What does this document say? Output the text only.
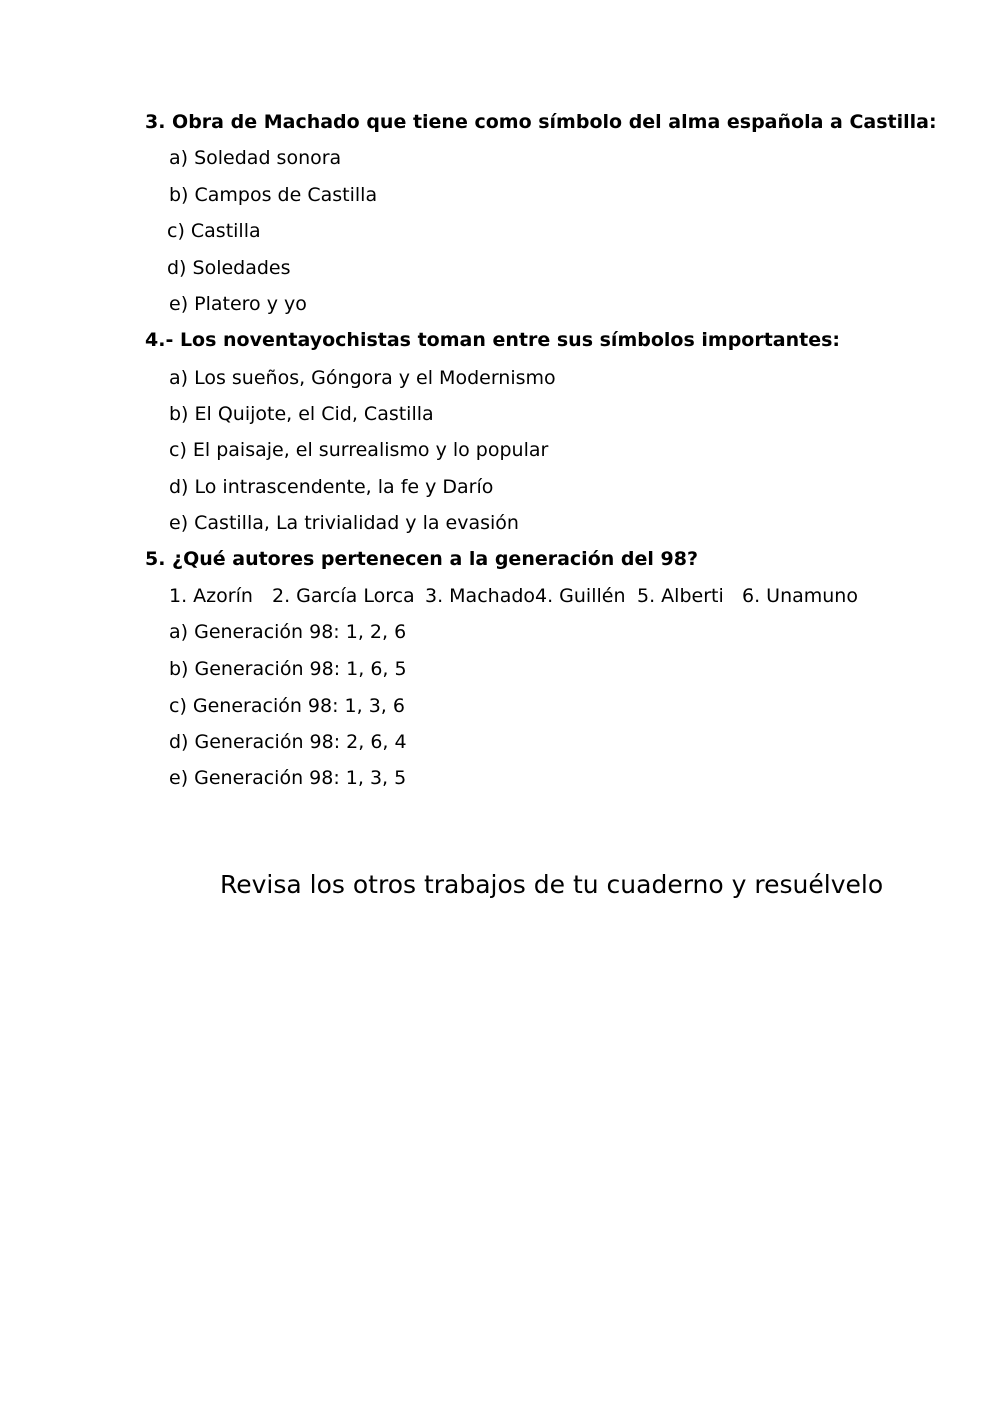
3. Obra de Machado que tiene como símbolo del alma española a Castilla:
a) Soledad sonora
b) Campos de Castilla
c) Castilla
d) Soledades
e) Platero y yo
4.- Los noventayochistas toman entre sus símbolos importantes:
a) Los sueños, Góngora y el Modernismo
b) El Quijote, el Cid, Castilla
c) El paisaje, el surrealismo y lo popular
d) Lo intrascendente, la fe y Darío
e) Castilla, La trivialidad y la evasión
5. ¿Qué autores pertenecen a la generación del 98?
1. Azorín 2. García Lorca 3. Machado 4. Guillén 5. Alberti 6. Unamuno
a) Generación 98: 1, 2, 6
b) Generación 98: 1, 6, 5
c) Generación 98: 1, 3, 6
d) Generación 98: 2, 6, 4
e) Generación 98: 1, 3, 5
Revisa los otros trabajos de tu cuaderno y resuélvelo
